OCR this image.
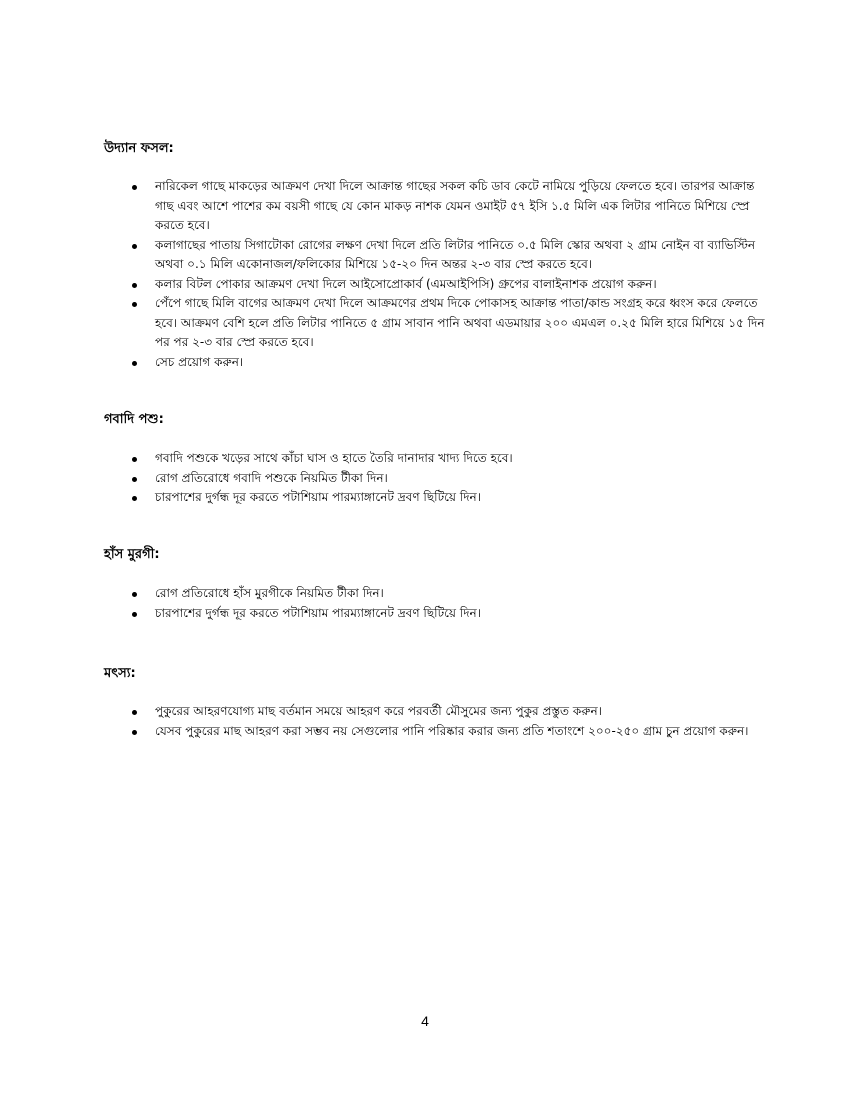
উদ্যান ফসল:
নারিকেল গাছে মাকড়ের আক্রমণ দেখা দিলে আক্রান্ত গাছের সকল কচি ডাব কেটে নামিয়ে পুড়িয়ে ফেলতে হবে। তারপর আক্রান্ত গাছ এবং আশে পাশের কম বয়সী গাছে যে কোন মাকড় নাশক যেমন ওমাইট ৫৭ ইসি ১.৫ মিলি এক লিটার পানিতে মিশিয়ে স্প্রে করতে হবে।
কলাগাছের পাতায় সিগাটোকা রোগের লক্ষণ দেখা দিলে প্রতি লিটার পানিতে ০.৫ মিলি স্কোর অথবা ২ গ্রাম নোইন বা ব্যাভিস্টিন অথবা ০.১ মিলি একোনাজল/ফলিকোর মিশিয়ে ১৫-২০ দিন অন্তর ২-৩ বার স্প্রে করতে হবে।
কলার বিটল পোকার আক্রমণ দেখা দিলে আইসোপ্রোকার্ব (এমআইপিসি) গ্রুপের বালাইনাশক প্রয়োগ করুন।
পেঁপে গাছে মিলি বাগের আক্রমণ দেখা দিলে আক্রমণের প্রথম দিকে পোকাসহ আক্রান্ত পাতা/কান্ড সংগ্রহ করে ধ্বংস করে ফেলতে হবে। আক্রমণ বেশি হলে প্রতি লিটার পানিতে ৫ গ্রাম সাবান পানি অথবা এডমায়ার ২০০ এমএল ০.২৫ মিলি হারে মিশিয়ে ১৫ দিন পর পর ২-৩ বার স্প্রে করতে হবে।
সেচ প্রয়োগ করুন।
গবাদি পশু:
গবাদি পশুকে খড়ের সাথে কাঁচা ঘাস ও হাতে তৈরি দানাদার খাদ্য দিতে হবে।
রোগ প্রতিরোধে গবাদি পশুকে নিয়মিত টীকা দিন।
চারপাশের দুর্গন্ধ দূর করতে পটাশিয়াম পারম্যাঙ্গানেট দ্রবণ ছিটিয়ে দিন।
হাঁস মুরগী:
রোগ প্রতিরোধে হাঁস মুরগীকে নিয়মিত টীকা দিন।
চারপাশের দুর্গন্ধ দূর করতে পটাশিয়াম পারম্যাঙ্গানেট দ্রবণ ছিটিয়ে দিন।
মৎস্য:
পুকুরের আহরণযোগ্য মাছ বর্তমান সময়ে আহরণ করে পরবর্তী মৌসুমের জন্য পুকুর প্রস্তুত করুন।
যেসব পুকুরের মাছ আহরণ করা সম্ভব নয় সেগুলোর পানি পরিষ্কার করার জন্য প্রতি শতাংশে ২০০-২৫০ গ্রাম চুন প্রয়োগ করুন।
4
